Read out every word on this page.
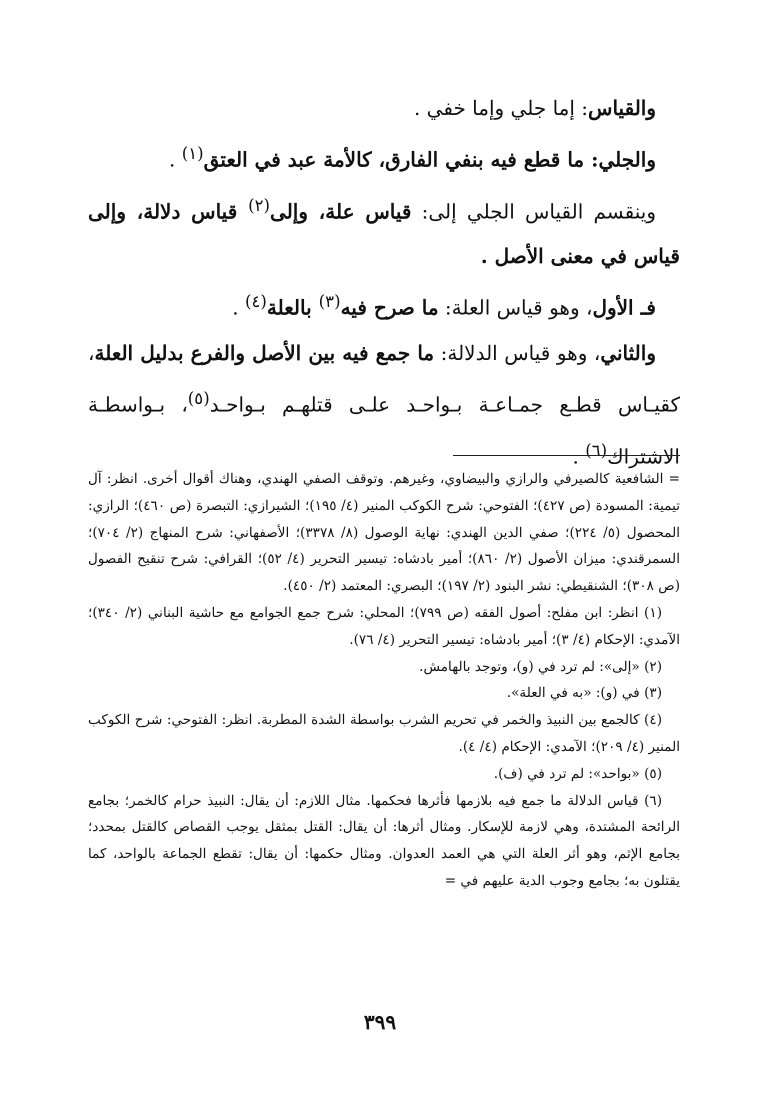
والقياس: إما جلي وإما خفي .

والجلي: ما قطع فيه بنفي الفارق، كالأمة عبد في العتق$^{(١)}$ .

وينقسم القياس الجلي إلى: قياس علة، وإلى$^{(٢)}$ قياس دلالة، وإلى قياس في معنى الأصل .

فـ الأول، وهو قياس العلة: ما صرح فيه$^{(٣)}$ بالعلة$^{(٤)}$ .

والثاني، وهو قياس الدلالة: ما جمع فيه بين الأصل والفرع بدليل العلة، كقيـاس قطـع جمـاعـة بـواحـد علـى قتلهـم بـواحـد$^{(٥)}$، بـواسطـة الاشتراك$^{(٦)}$ .

= الشافعية كالصيرفي والرازي والبيضاوي، وغيرهم. وتوقف الصفي الهندي، وهناك أقوال أخرى. انظر: آل تيمية: المسودة (ص ٤٢٧)؛ الفتوحي: شرح الكوكب المنير (٤/ ١٩٥)؛ الشيرازي: التبصرة (ص ٤٦٠)؛ الرازي: المحصول (٥/ ٢٢٤)؛ صفي الدين الهندي: نهاية الوصول (٨/ ٣٣٧٨)؛ الأصفهاني: شرح المنهاج (٢/ ٧٠٤)؛ السمرقندي: ميزان الأصول (٢/ ٨٦٠)؛ أمير بادشاه: تيسير التحرير (٤/ ٥٢)؛ القرافي: شرح تنقيح الفصول (ص ٣٠٨)؛ الشنقيطي: نشر البنود (٢/ ١٩٧)؛ البصري: المعتمد (٢/ ٤٥٠).

(١) انظر: ابن مفلح: أصول الفقه (ص ٧٩٩)؛ المحلي: شرح جمع الجوامع مع حاشية البناني (٢/ ٣٤٠)؛ الآمدي: الإحكام (٤/ ٣)؛ أمير بادشاه: تيسير التحرير (٤/ ٧٦).

(٢) «إلى»: لم ترد في (و)، وتوجد بالهامش.

(٣) في (و): «به في العلة».

(٤) كالجمع بين النبيذ والخمر في تحريم الشرب بواسطة الشدة المطربة. انظر: الفتوحي: شرح الكوكب المنير (٤/ ٢٠٩)؛ الآمدي: الإحكام (٤/ ٤).

(٥) «بواحد»: لم ترد في (ف).

(٦) قياس الدلالة ما جمع فيه بلازمها فأثرها فحكمها. مثال اللازم: أن يقال: النبيذ حرام كالخمر؛ بجامع الرائحة المشتدة، وهي لازمة للإسكار. ومثال أثرها: أن يقال: القتل بمثقل يوجب القصاص كالقتل بمحدد؛ بجامع الإثم، وهو أثر العلة التي هي العمد العدوان. ومثال حكمها: أن يقال: تقطع الجماعة بالواحد، كما يقتلون به؛ بجامع وجوب الدية عليهم في =

٣٩٩
